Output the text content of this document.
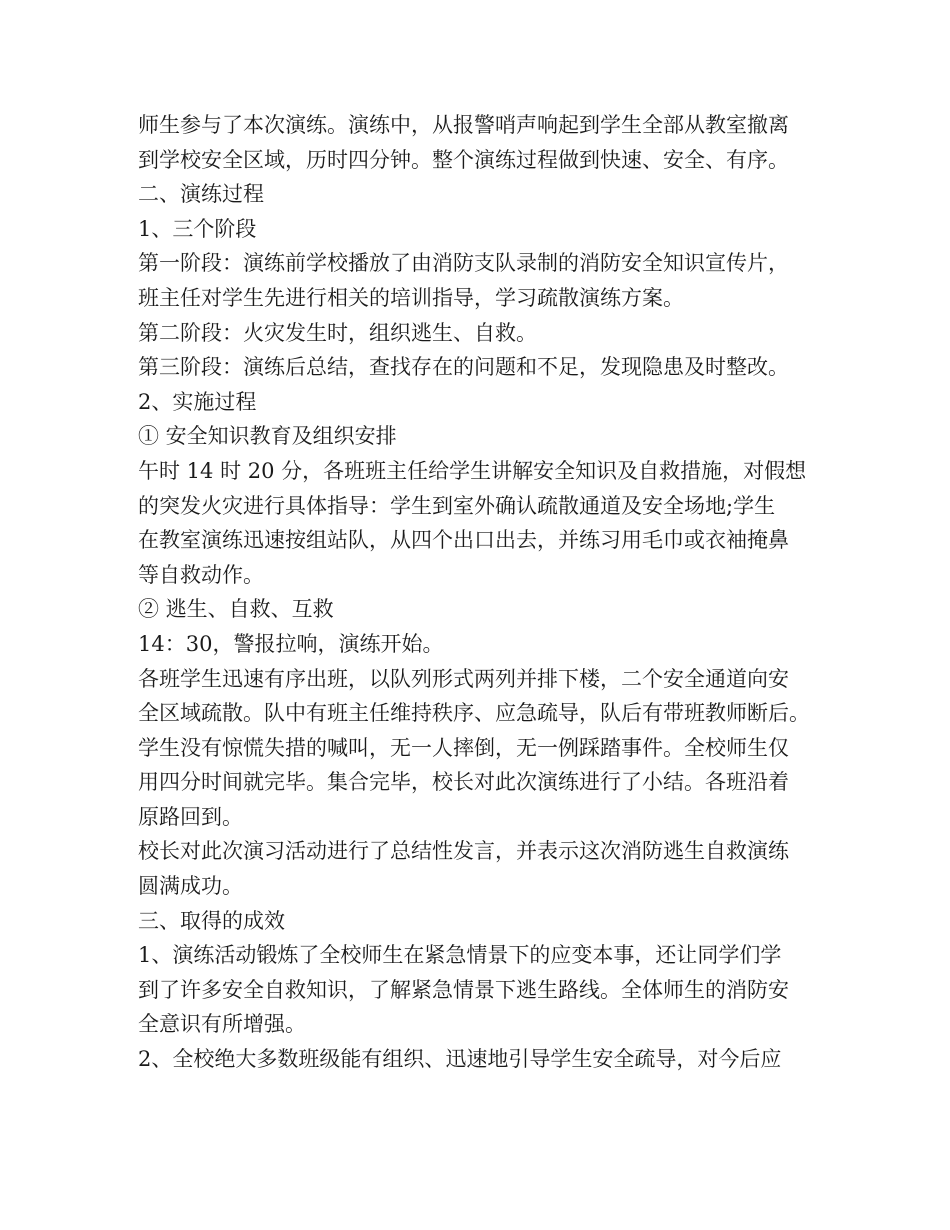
师生参与了本次演练。演练中，从报警哨声响起到学生全部从教室撤离
到学校安全区域，历时四分钟。整个演练过程做到快速、安全、有序。
二、演练过程
1、三个阶段
第一阶段：演练前学校播放了由消防支队录制的消防安全知识宣传片，
班主任对学生先进行相关的培训指导，学习疏散演练方案。
第二阶段：火灾发生时，组织逃生、自救。
第三阶段：演练后总结，查找存在的问题和不足，发现隐患及时整改。
2、实施过程
① 安全知识教育及组织安排
午时 14 时 20 分，各班班主任给学生讲解安全知识及自救措施，对假想
的突发火灾进行具体指导：学生到室外确认疏散通道及安全场地;学生
在教室演练迅速按组站队，从四个出口出去，并练习用毛巾或衣袖掩鼻
等自救动作。
② 逃生、自救、互救
14：30，警报拉响，演练开始。
各班学生迅速有序出班，以队列形式两列并排下楼，二个安全通道向安
全区域疏散。队中有班主任维持秩序、应急疏导，队后有带班教师断后。
学生没有惊慌失措的喊叫，无一人摔倒，无一例踩踏事件。全校师生仅
用四分时间就完毕。集合完毕，校长对此次演练进行了小结。各班沿着
原路回到。
校长对此次演习活动进行了总结性发言，并表示这次消防逃生自救演练
圆满成功。
三、取得的成效
1、演练活动锻炼了全校师生在紧急情景下的应变本事，还让同学们学
到了许多安全自救知识，了解紧急情景下逃生路线。全体师生的消防安
全意识有所增强。
2、全校绝大多数班级能有组织、迅速地引导学生安全疏导，对今后应
